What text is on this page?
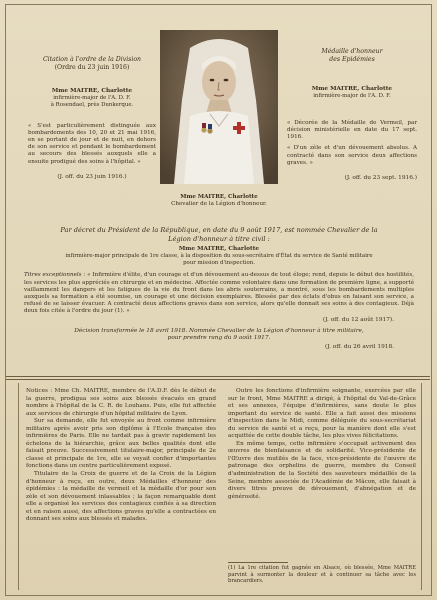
Citation à l'ordre de la Division
(Ordre du 23 juin 1916)
Mme MAITRE, Charlotte
infirmière-major de l'A. D. F.
à Rosendael, près Dunkerque.
« S'est particulièrement distinguée aux bombardements des 10, 20 et 21 mai 1916, en se portant de jour et de nuit, en dehors de son service et pendant le bombardement au secours des blessés auxquels elle a ensuite prodigué des soins à l'hôpital. »
(J. off. du 23 juin 1916.)
Mme MAITRE, Charlotte
Chevalier de la Légion d'honneur.
Médaille d'honneur
des Epidémies
Mme MAITRE, Charlotte
infirmière-major de l'A. D. F.
« Décorée de la Médaille de Vermeil, par décision ministérielle en date du 17 sept. 1916.
« D'un zèle et d'un dévouement absolus. A contracté dans son service deux affections graves. »
(J. off. du 23 sept. 1916.)
Par décret du Président de la République, en date du 9 août 1917, est nommée Chevalier de la
Légion d'honneur à titre civil :
Mme MAITRE, Charlotte
infirmière-major principale de 1re classe, à la disposition du sous-secrétaire d'État du service de Santé militaire
pour mission d'inspection.
Titres exceptionnels : « Infirmière d'élite, d'un courage et d'un dévouement au-dessus de tout éloge; rend, depuis le début des hostilités, les services les plus appréciés en chirurgie et en médecine. Affectée comme volontaire dans une formation de première ligne, a supporté vaillamment les dangers et les fatigues de la vie du front dans les abris souterrains, a montré, sous les bombardements multiples auxquels sa formation a été soumise, un courage et une décision exemplaires. Blessée par des éclats d'obus en faisant son service, a refusé de se laisser évacuer. A contracté deux affections graves dans son service, alors qu'elle donnait ses soins à des contagieux. Déjà deux fois citée à l'ordre du jour (1). »
(J. off. du 12 août 1917).
Décision transformée le 18 avril 1918. Nommée Chevalier de la Légion d'honneur à titre militaire,
pour prendre rang du 9 août 1917.
(J. off. du 26 avril 1918.
Notices : Mme Ch. MAITRE, membre de l'A.D.F. dès le début de la guerre, prodigua ses soins aux blessés évacués en grand nombre à l'hôpital de la C. R. de Louhans. Puis, elle fut affectée aux services de chirurgie d'un hôpital militaire de Lyon.
Sur sa demande, elle fut envoyée au front comme infirmière militaire après avoir pris son diplôme à l'Ecole française des infirmières de Paris. Elle ne tardait pas à gravir rapidement les échelons de la hiérarchie, grâce aux belles qualités dont elle faisait preuve. Successivement titulaire-major, principale de 2e classe et principale de 1re, elle se voyait confier d'importantes fonctions dans un centre particulièrement exposé.
Titulaire de la Croix de guerre et de la Croix de la Légion d'honneur à reçu, en outre, deux Médailles d'honneur des épidémies : la médaille de vermeil et la médaille d'or pour son zèle et son dévouement inlassables ; la façon remarquable dont elle a organisé les services des contagieux confiés à sa direction et en raison aussi, des affections graves qu'elle a contractées en donnant ses soins aux blessés et malades.
Outre les fonctions d'infirmière soignante, exercées par elle sur le front, Mme MAITRE a dirigé, à l'hôpital du Val-de-Grâce et ses annexes, l'équipe d'infirmières, sans doute le plus important du service de santé. Elle a fait aussi des missions d'inspection dans le Midi, comme déléguée du sous-secrétariat du service de santé et a reçu, pour la manière dont elle s'est acquittée de cette double tâche, les plus vives félicitations.
En même temps, cette infirmière s'occupait activement des œuvres de bienfaisance et de solidarité. Vice-présidente de l'Œuvre des mutilés de la face, vice-présidente de l'œuvre de patronage des orphelins de guerre, membre du Conseil d'administration de la Société des sauveteurs médaillés de la Seine, membre associée de l'Académie de Mâcon, elle faisait à divers titres preuve de dévouement, d'abnégation et de générosité.
(1) La 1re citation fut gagnée en Alsace, où blessée, Mme MAITRE parvint à surmonter la douleur et à continuer sa tâche avec les brancardiers.
